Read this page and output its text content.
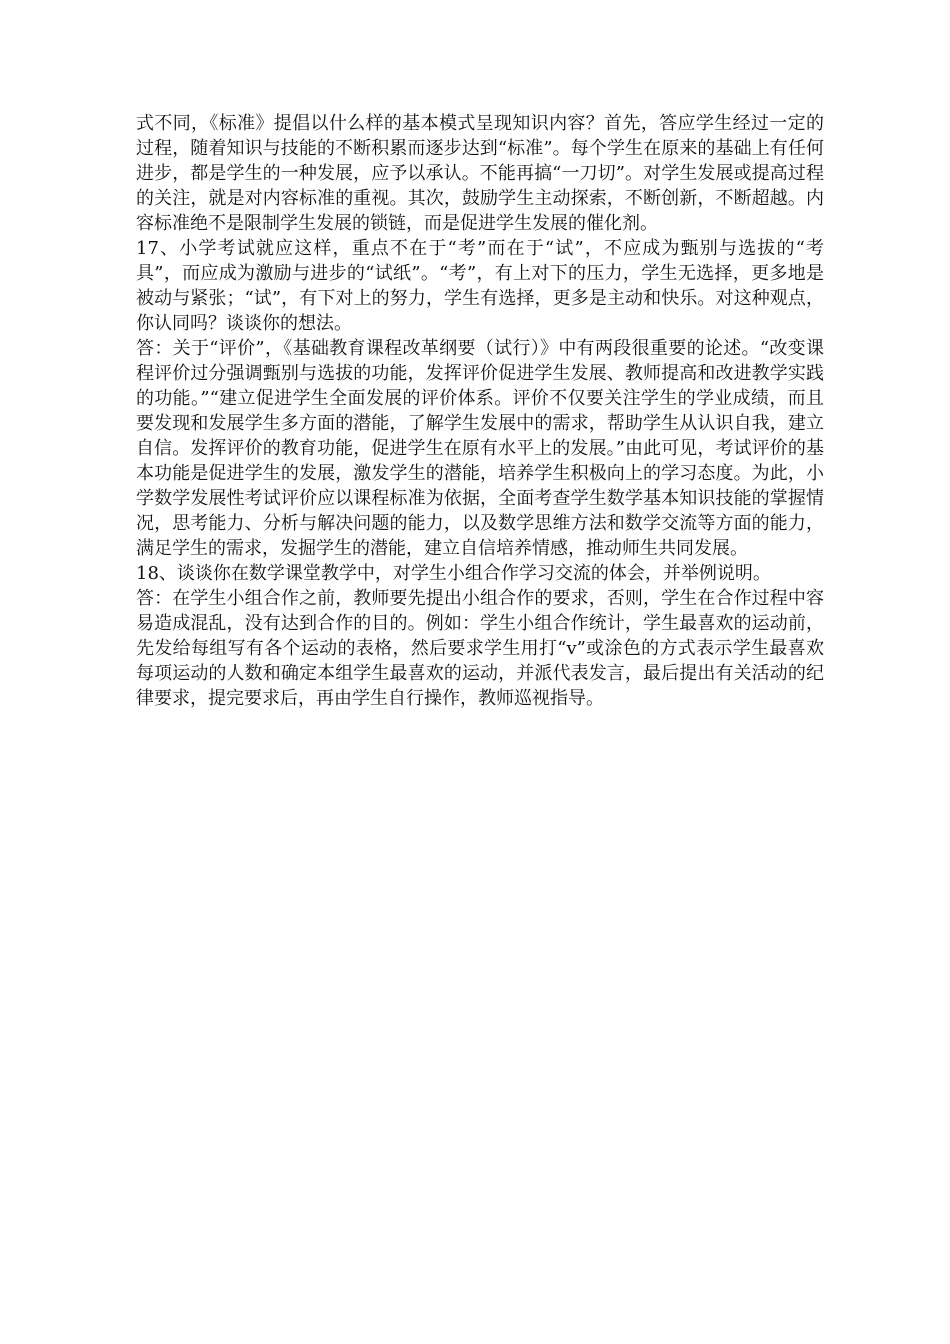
式不同，《标准》提倡以什么样的基本模式呈现知识内容？首先，答应学生经过一定的过程，随着知识与技能的不断积累而逐步达到“标准”。每个学生在原来的基础上有任何进步，都是学生的一种发展，应予以承认。不能再搞“一刀切”。对学生发展或提高过程的关注，就是对内容标准的重视。其次，鼓励学生主动探索，不断创新，不断超越。内容标准绝不是限制学生发展的锁链，而是促进学生发展的催化剂。

17、小学考试就应这样，重点不在于“考”而在于“试”，不应成为甄别与选拔的“考具”，而应成为激励与进步的“试纸”。“考”，有上对下的压力，学生无选择，更多地是被动与紧张；“试”，有下对上的努力，学生有选择，更多是主动和快乐。对这种观点，你认同吗？谈谈你的想法。

答：关于“评价”，《基础教育课程改革纲要（试行）》中有两段很重要的论述。“改变课程评价过分强调甄别与选拔的功能，发挥评价促进学生发展、教师提高和改进教学实践的功能。”“建立促进学生全面发展的评价体系。评价不仅要关注学生的学业成绩，而且要发现和发展学生多方面的潜能，了解学生发展中的需求，帮助学生从认识自我，建立自信。发挥评价的教育功能，促进学生在原有水平上的发展。”由此可见，考试评价的基本功能是促进学生的发展，激发学生的潜能，培养学生积极向上的学习态度。为此，小学数学发展性考试评价应以课程标准为依据，全面考查学生数学基本知识技能的掌握情况，思考能力、分析与解决问题的能力，以及数学思维方法和数学交流等方面的能力，满足学生的需求，发掘学生的潜能，建立自信培养情感，推动师生共同发展。

18、谈谈你在数学课堂教学中，对学生小组合作学习交流的体会，并举例说明。

答：在学生小组合作之前，教师要先提出小组合作的要求，否则，学生在合作过程中容易造成混乱，没有达到合作的目的。例如：学生小组合作统计，学生最喜欢的运动前，先发给每组写有各个运动的表格，然后要求学生用打“v”或涂色的方式表示学生最喜欢每项运动的人数和确定本组学生最喜欢的运动，并派代表发言，最后提出有关活动的纪律要求，提完要求后，再由学生自行操作，教师巡视指导。
